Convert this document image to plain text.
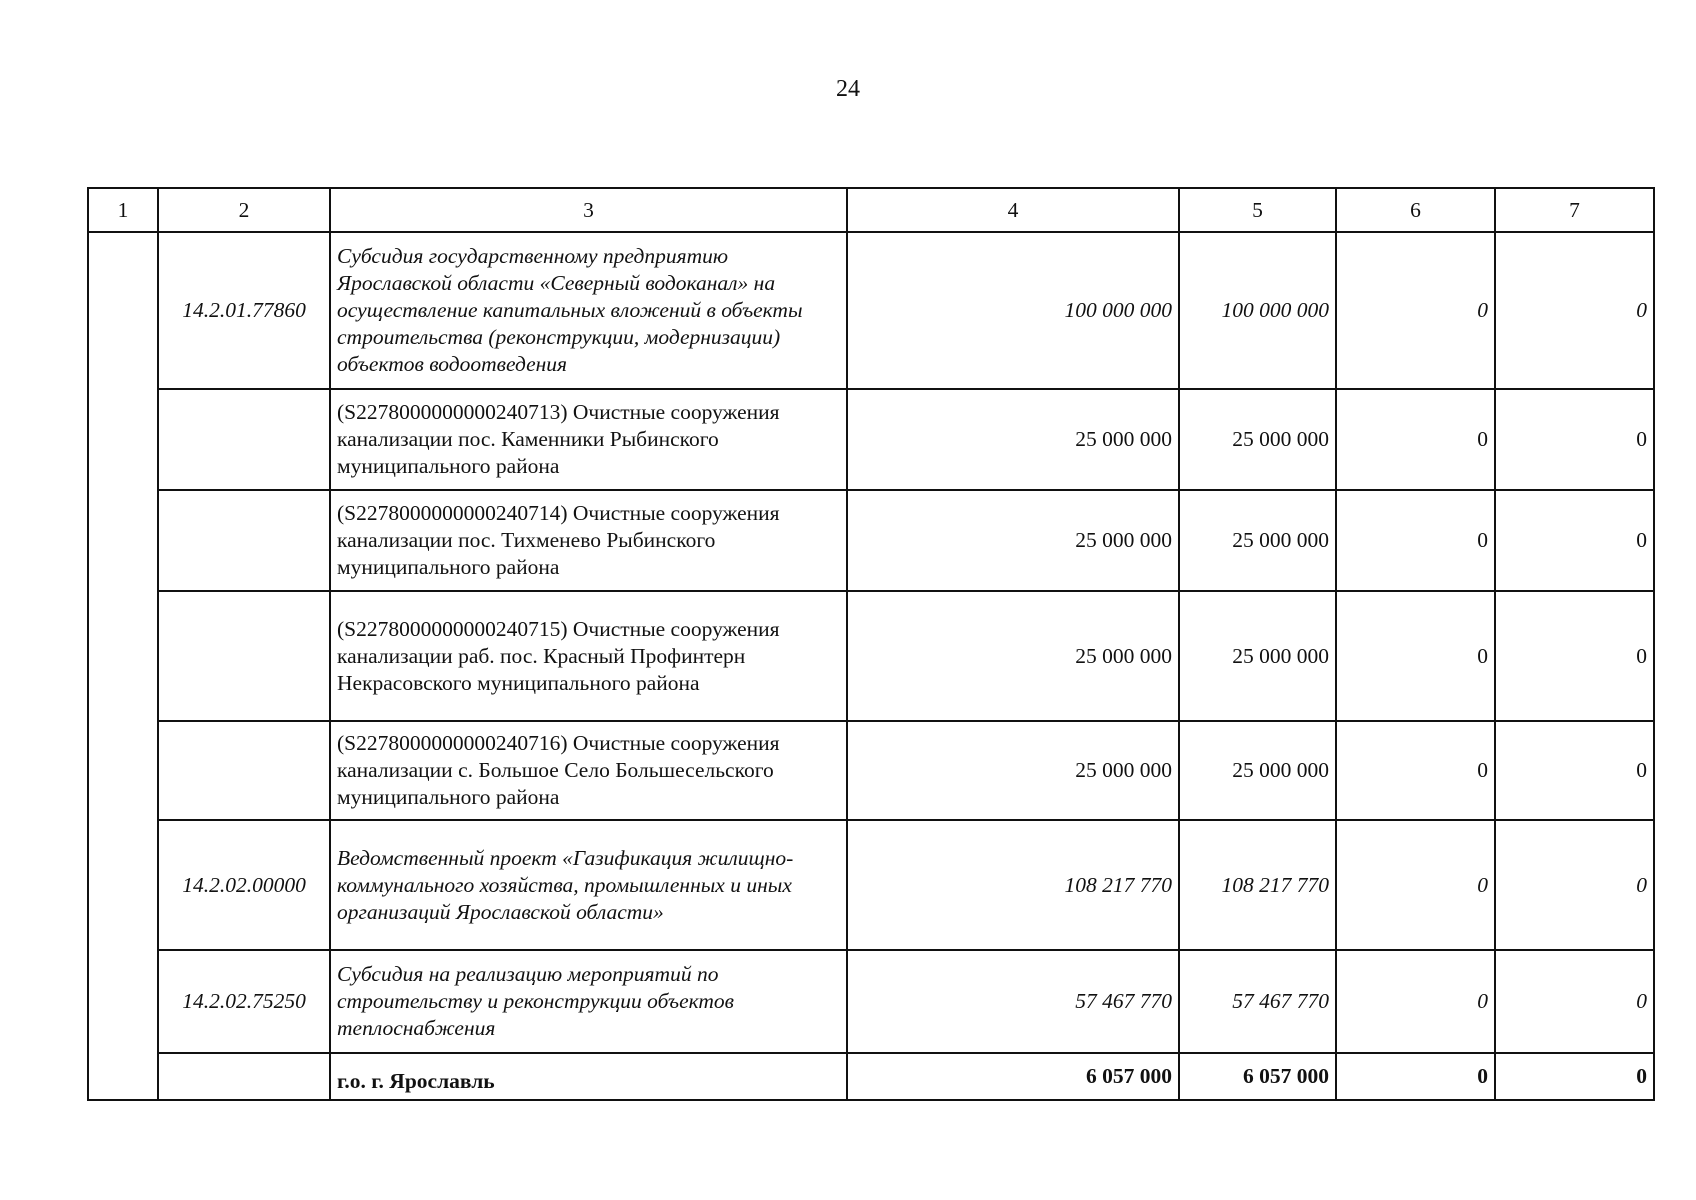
24
1	2	3	4	5	6	7
	14.2.01.77860	Субсидия государственному предприятию Ярославской области «Северный водоканал» на осуществление капитальных вложений в объекты строительства (реконструкции, модернизации) объектов водоотведения	100 000 000	100 000 000	0	0
		(S2278000000000240713) Очистные сооружения канализации пос. Каменники Рыбинского муниципального района	25 000 000	25 000 000	0	0
		(S2278000000000240714) Очистные сооружения канализации пос. Тихменево Рыбинского муниципального района	25 000 000	25 000 000	0	0
		(S2278000000000240715) Очистные сооружения канализации раб. пос. Красный Профинтерн Некрасовского муниципального района	25 000 000	25 000 000	0	0
		(S2278000000000240716) Очистные сооружения канализации с. Большое Село Большесельского муниципального района	25 000 000	25 000 000	0	0
	14.2.02.00000	Ведомственный проект «Газификация жилищно-коммунального хозяйства, промышленных и иных организаций Ярославской области»	108 217 770	108 217 770	0	0
	14.2.02.75250	Субсидия на реализацию мероприятий по строительству и реконструкции объектов теплоснабжения	57 467 770	57 467 770	0	0
		г.о. г. Ярославль	6 057 000	6 057 000	0	0
